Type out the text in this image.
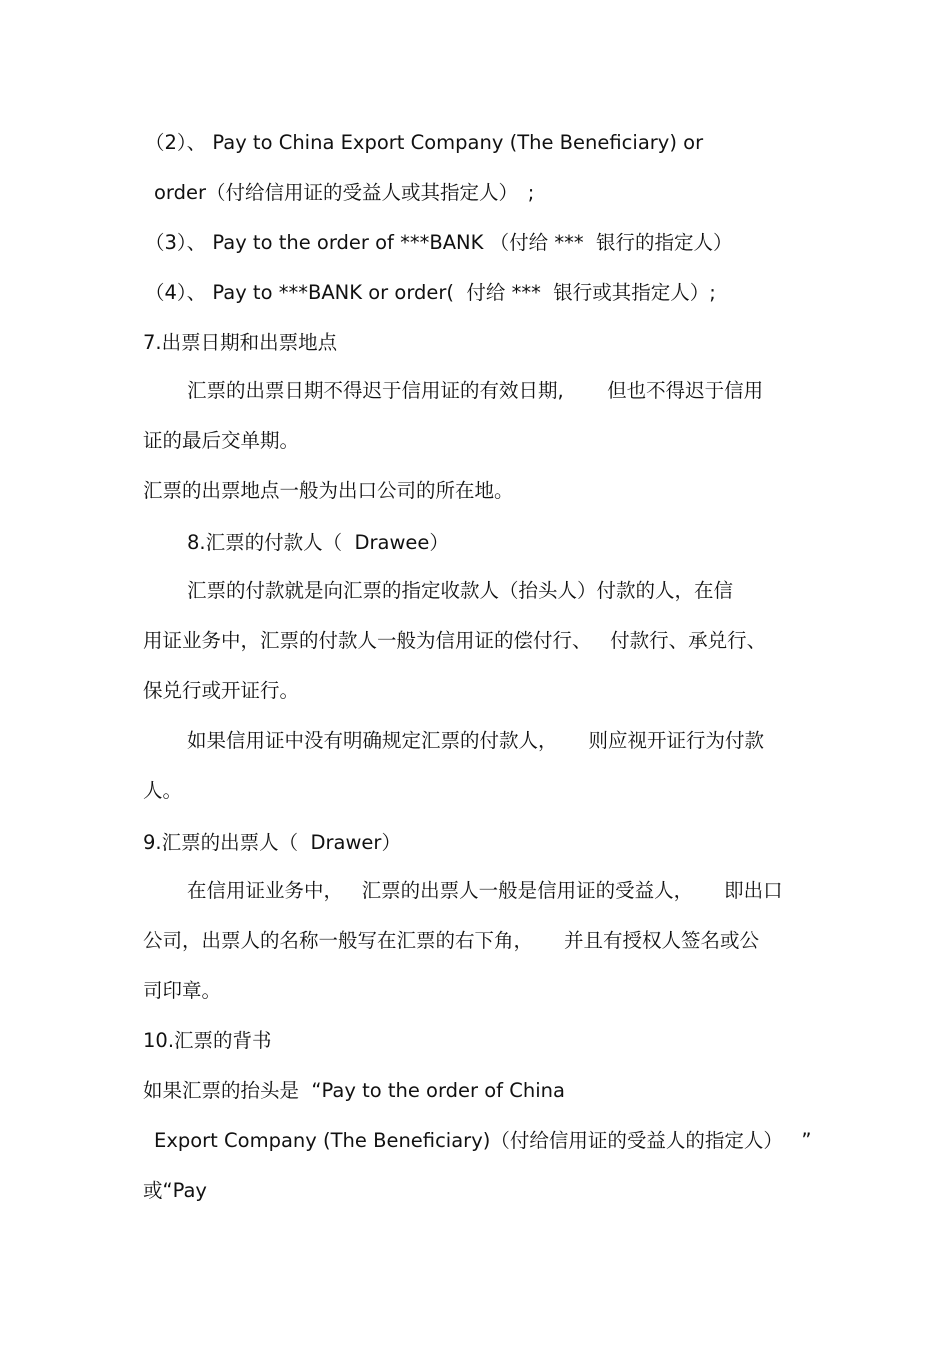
（2）、 Pay to China Export Company (The Beneficiary) or
order（付给信用证的受益人或其指定人）　;
（3）、 Pay to the order of ***BANK （付给 ***  银行的指定人）
（4）、 Pay to ***BANK or order(  付给 ***  银行或其指定人）;
7.出票日期和出票地点
汇票的出票日期不得迟于信用证的有效日期,       但也不得迟于信用
证的最后交单期。
汇票的出票地点一般为出口公司的所在地。
8.汇票的付款人（  Drawee）
汇票的付款就是向汇票的指定收款人（抬头人）付款的人，在信
用证业务中，汇票的付款人一般为信用证的偿付行、   付款行、承兑行、
保兑行或开证行。
如果信用证中没有明确规定汇票的付款人，     则应视开证行为付款
人。
9.汇票的出票人（  Drawer）
在信用证业务中，   汇票的出票人一般是信用证的受益人，     即出口
公司，出票人的名称一般写在汇票的右下角，     并且有授权人签名或公
司印章。
10.汇票的背书
如果汇票的抬头是  “Pay to the order of China
Export Company (The Beneficiary)（付给信用证的受益人的指定人）   ”
或“Pay
